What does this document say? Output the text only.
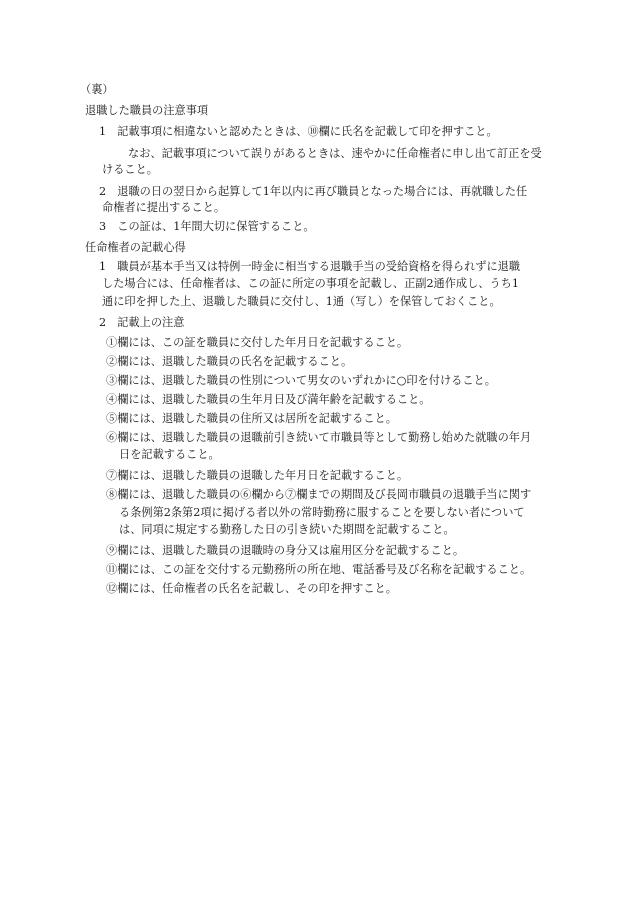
（裏）
退職した職員の注意事項
1　記載事項に相違ないと認めたときは、⑩欄に氏名を記載して印を押すこと。
なお、記載事項について誤りがあるときは、速やかに任命権者に申し出て訂正を受
けること。
2　退職の日の翌日から起算して1年以内に再び職員となった場合には、再就職した任
命権者に提出すること。
3　この証は、1年間大切に保管すること。
任命権者の記載心得
1　職員が基本手当又は特例一時金に相当する退職手当の受給資格を得られずに退職
した場合には、任命権者は、この証に所定の事項を記載し、正副2通作成し、うち1
通に印を押した上、退職した職員に交付し、1通（写し）を保管しておくこと。
2　記載上の注意
①欄には、この証を職員に交付した年月日を記載すること。
②欄には、退職した職員の氏名を記載すること。
③欄には、退職した職員の性別について男女のいずれかに○印を付けること。
④欄には、退職した職員の生年月日及び満年齢を記載すること。
⑤欄には、退職した職員の住所又は居所を記載すること。
⑥欄には、退職した職員の退職前引き続いて市職員等として勤務し始めた就職の年月
日を記載すること。
⑦欄には、退職した職員の退職した年月日を記載すること。
⑧欄には、退職した職員の⑥欄から⑦欄までの期間及び長岡市職員の退職手当に関す
る条例第2条第2項に掲げる者以外の常時勤務に服することを要しない者について
は、同項に規定する勤務した日の引き続いた期間を記載すること。
⑨欄には、退職した職員の退職時の身分又は雇用区分を記載すること。
⑪欄には、この証を交付する元勤務所の所在地、電話番号及び名称を記載すること。
⑫欄には、任命権者の氏名を記載し、その印を押すこと。
